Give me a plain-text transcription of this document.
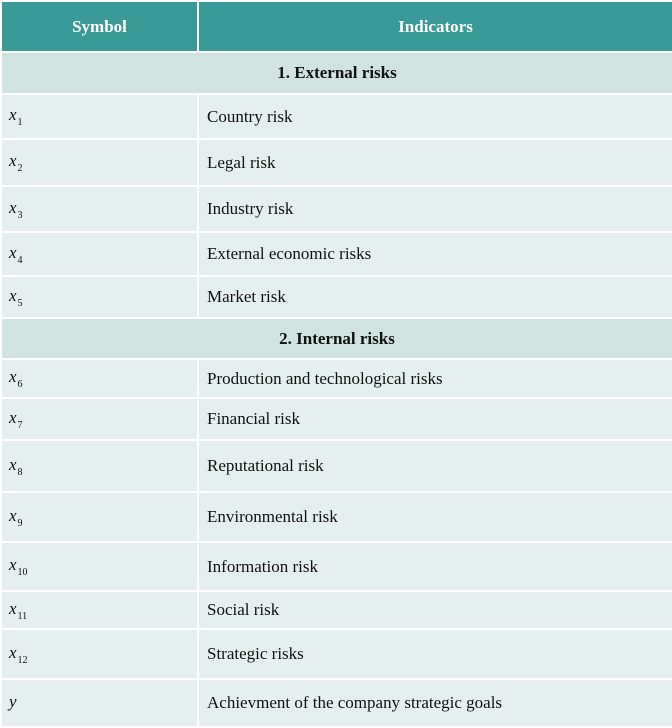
Symbol	Indicators
1. External risks	
$x_1$	Country risk
$x_2$	Legal risk
$x_3$	Industry risk
$x_4$	External economic risks
$x_5$	Market risk
2. Internal risks	
$x_6$	Production and technological risks
$x_7$	Financial risk
$x_8$	Reputational risk
$x_9$	Environmental risk
$x_{10}$	Information risk
$x_{11}$	Social risk
$x_{12}$	Strategic risks
y	Achievment of the company strategic goals
